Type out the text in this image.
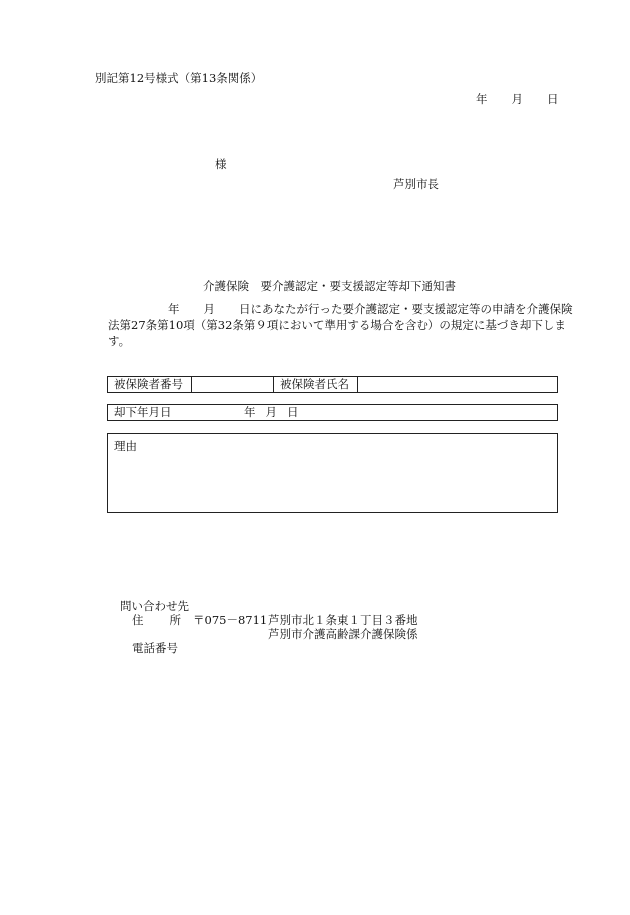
別記第12号様式（第13条関係）
年 月 日
様
芦別市長
介護保険　要介護認定・要支援認定等却下通知書
年 月 日にあなたが行った要介護認定・要支援認定等の申請を介護保険法第27条第10項（第32条第９項において準用する場合を含む）の規定に基づき却下します。
被保険者番号	被保険者氏名
却下年月日	年 月 日
理由
問い合わせ先
住 所 〒075－8711 芦別市北１条東１丁目３番地
芦別市介護高齢課介護保険係
電話番号
